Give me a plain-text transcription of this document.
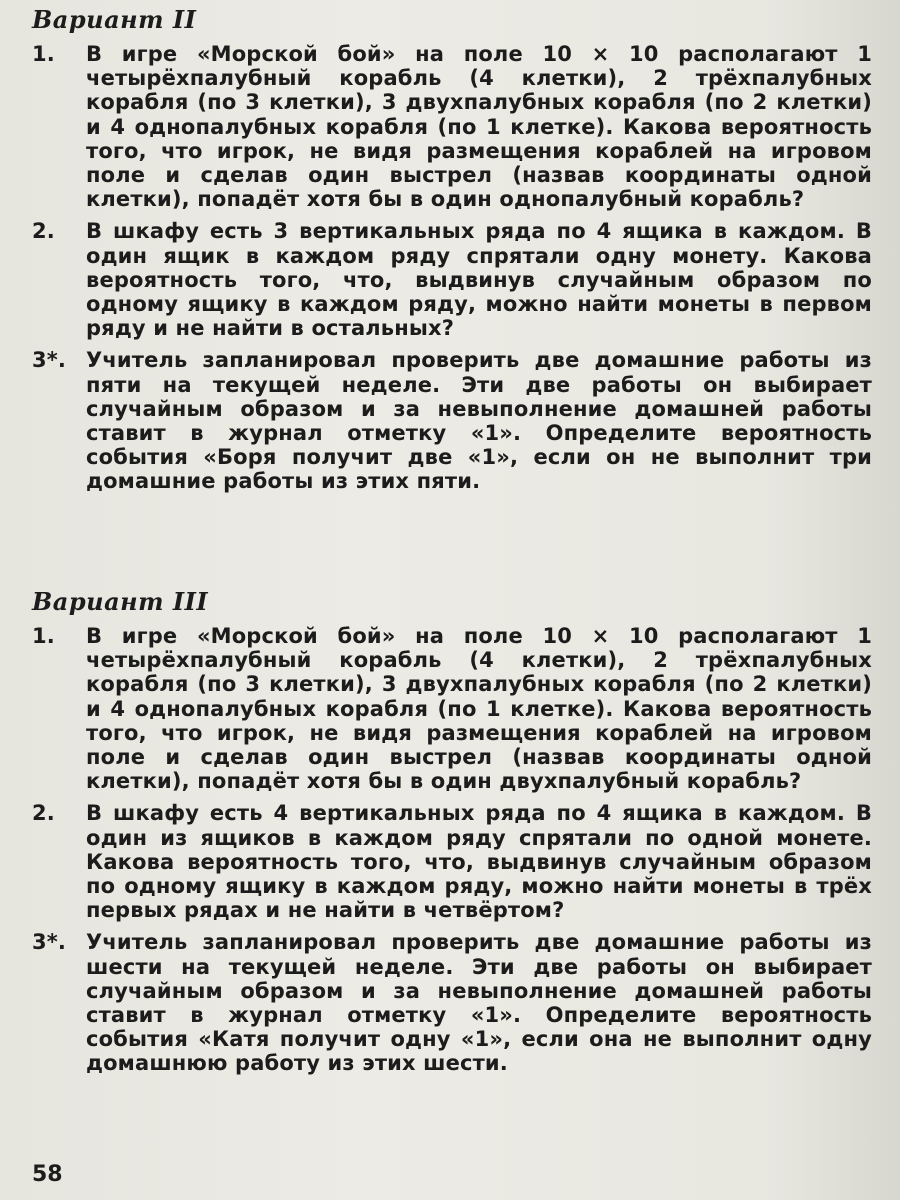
Вариант II
1.	В игре «Морской бой» на поле 10 × 10 располагают 1 четырёхпалубный корабль (4 клетки), 2 трёхпалубных корабля (по 3 клетки), 3 двухпалубных корабля (по 2 клетки) и 4 однопалубных корабля (по 1 клетке). Какова вероятность того, что игрок, не видя размещения кораблей на игровом поле и сделав один выстрел (назвав координаты одной клетки), попадёт хотя бы в один однопалубный корабль?
2.	В шкафу есть 3 вертикальных ряда по 4 ящика в каждом. В один ящик в каждом ряду спрятали одну монету. Какова вероятность того, что, выдвинув случайным образом по одному ящику в каждом ряду, можно найти монеты в первом ряду и не найти в остальных?
3*. Учитель запланировал проверить две домашние работы из пяти на текущей неделе. Эти две работы он выбирает случайным образом и за невыполнение домашней работы ставит в журнал отметку «1». Определите вероятность события «Боря получит две «1», если он не выполнит три домашние работы из этих пяти.
Вариант III
1.	В игре «Морской бой» на поле 10 × 10 располагают 1 четырёхпалубный корабль (4 клетки), 2 трёхпалубных корабля (по 3 клетки), 3 двухпалубных корабля (по 2 клетки) и 4 однопалубных корабля (по 1 клетке). Какова вероятность того, что игрок, не видя размещения кораблей на игровом поле и сделав один выстрел (назвав координаты одной клетки), попадёт хотя бы в один двухпалубный корабль?
2.	В шкафу есть 4 вертикальных ряда по 4 ящика в каждом. В один из ящиков в каждом ряду спрятали по одной монете. Какова вероятность того, что, выдвинув случайным образом по одному ящику в каждом ряду, можно найти монеты в трёх первых рядах и не найти в четвёртом?
3*. Учитель запланировал проверить две домашние работы из шести на текущей неделе. Эти две работы он выбирает случайным образом и за невыполнение домашней работы ставит в журнал отметку «1». Определите вероятность события «Катя получит одну «1», если она не выполнит одну домашнюю работу из этих шести.
58
